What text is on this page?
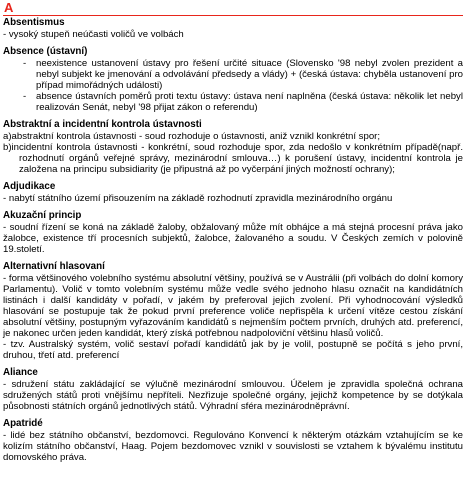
A
Absentismus

- vysoký stupeň neúčasti voličů ve volbách

Absence (ústavní)
- neexistence ustanovení ústavy pro řešení určité situace (Slovensko '98 nebyl zvolen prezident a nebyl subjekt ke jmenování a odvolávání předsedy a vlády) + (česká ústava: chyběla ustanovení pro případ mimořádných události)
- absence ústavních poměrů proti textu ústavy: ústava není naplněna (česká ústava: několik let nebyl realizován Senát, nebyl '98 přijat zákon o referendu)
Abstraktní a incidentní kontrola ústavnosti

a)abstraktní kontrola ústavnosti - soud rozhoduje o ústavnosti, aniž vznikl konkrétní spor;

b)incidentní kontrola ústavnosti - konkrétní, soud rozhoduje spor, zda nedošlo v konkrétním případě(např. rozhodnutí orgánů veřejné správy, mezinárodní smlouva…) k porušení ústavy, incidentní kontrola je založena na principu subsidiarity (je připustná až po vyčerpání jiných možností ochrany);

Adjudikace

- nabytí státního území přisouzením na základě rozhodnutí zpravidla mezinárodního orgánu

Akuzační princip

- soudní řízení se koná na základě žaloby, obžalovaný může mít obhájce a má stejná procesní práva jako žalobce, existence tří procesních subjektů, žalobce, žalovaného a soudu. V Českých zemích v polovině 19.století.

Alternativní hlasovaní

- forma většinového volebního systému absolutní většiny, používá se v Austrálii (při volbách do dolní komory Parlamentu). Volič v tomto volebním systému může vedle svého jednoho hlasu označit na kandidátních listinách i další kandidáty v pořadí, v jakém by preferoval jejich zvolení. Při vyhodnocování výsledků hlasování se postupuje tak že pokud první preference voliče nepřispěla k určení vítěze cestou získání absolutní většiny, postupným vyřazováním kandidátů s nejmenším počtem prvních, druhých atd. preferencí, je nakonec určen jeden kandidát, který získá potřebnou nadpoloviční většinu hlasů voličů.

- tzv. Australský systém, volič sestaví pořadí kandidátů jak by je volil, postupně se počítá s jeho první, druhou, třetí atd. preferencí

Aliance

- sdružení státu zakládající se výlučně mezinárodní smlouvou. Účelem je zpravidla společná ochrana sdružených států proti vnějšímu nepříteli. Nezřizuje společné orgány, jejichž kompetence by se dotýkala působnosti státních orgánů jednotlivých států. Výhradní sféra mezinárodněprávní.

Apatridé

- lidé bez státního občanství, bezdomovci. Regulováno Konvencí k některým otázkám vztahujícím se ke kolizím státního občanství, Haag. Pojem bezdomovec vznikl v souvislosti se vztahem k bývalému institutu domovského práva.
